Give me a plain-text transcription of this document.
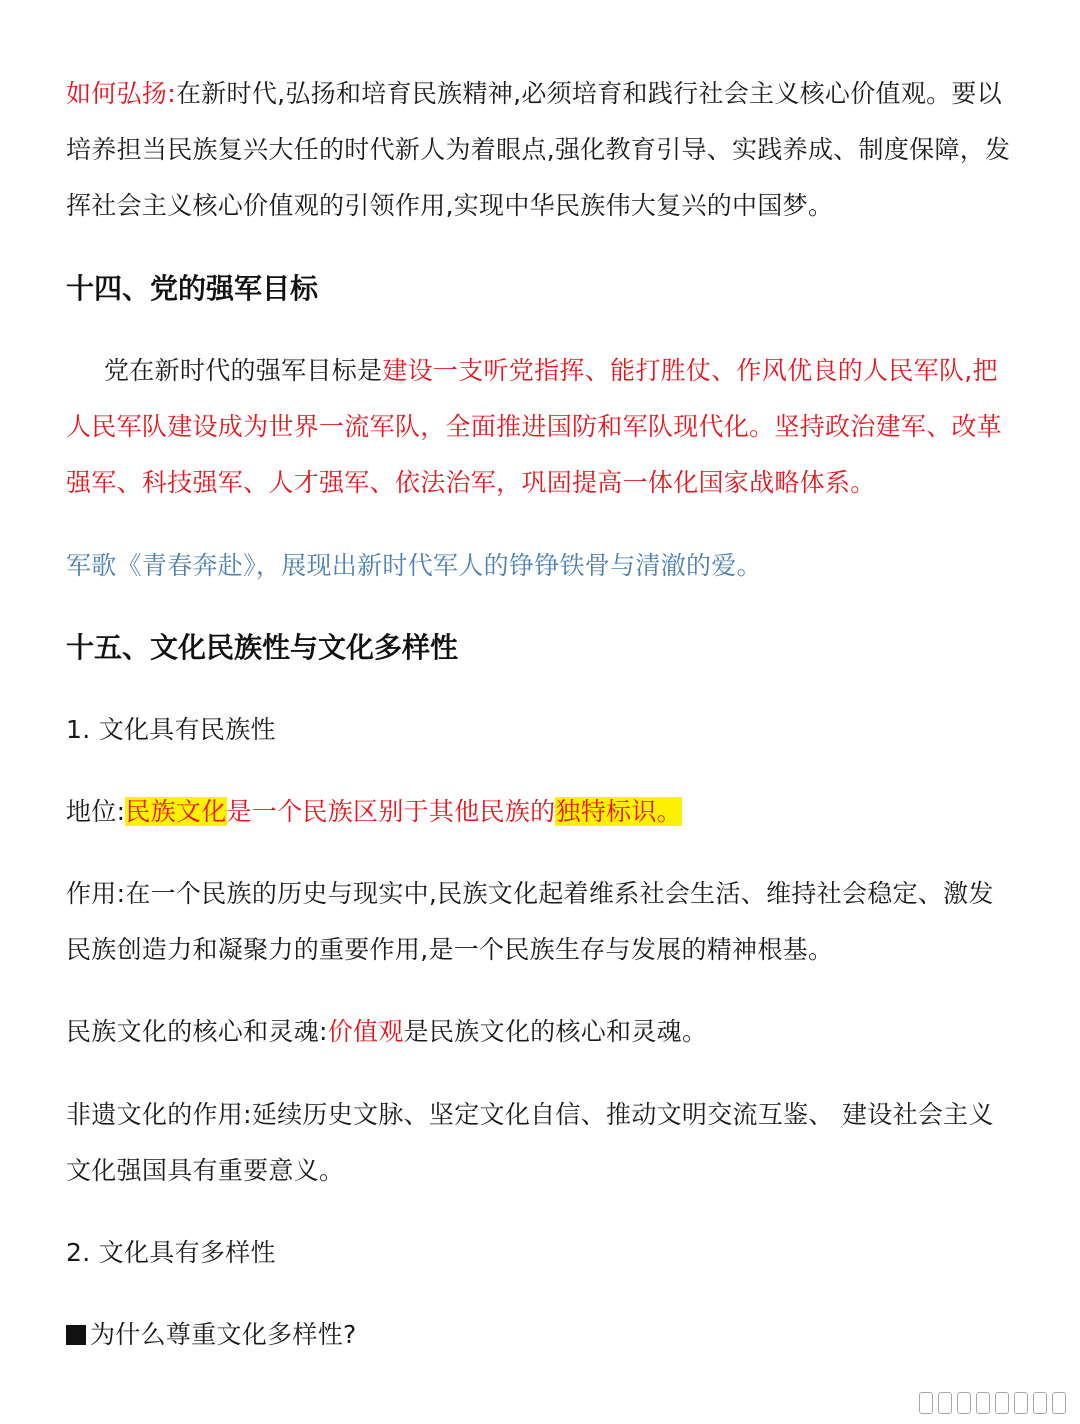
如何弘扬:在新时代,弘扬和培育民族精神,必须培育和践行社会主义核心价值观。要以培养担当民族复兴大任的时代新人为着眼点,强化教育引导、实践养成、制度保障，发挥社会主义核心价值观的引领作用,实现中华民族伟大复兴的中国梦。

十四、党的强军目标

党在新时代的强军目标是建设一支听党指挥、能打胜仗、作风优良的人民军队,把人民军队建设成为世界一流军队，全面推进国防和军队现代化。坚持政治建军、改革强军、科技强军、人才强军、依法治军，巩固提高一体化国家战略体系。

军歌《青春奔赴》，展现出新时代军人的铮铮铁骨与清澈的爱。

十五、文化民族性与文化多样性

1. 文化具有民族性

地位:民族文化是一个民族区别于其他民族的独特标识。

作用:在一个民族的历史与现实中,民族文化起着维系社会生活、维持社会稳定、激发民族创造力和凝聚力的重要作用,是一个民族生存与发展的精神根基。

民族文化的核心和灵魂:价值观是民族文化的核心和灵魂。

非遗文化的作用:延续历史文脉、坚定文化自信、推动文明交流互鉴、 建设社会主义文化强国具有重要意义。

2. 文化具有多样性

为什么尊重文化多样性?
